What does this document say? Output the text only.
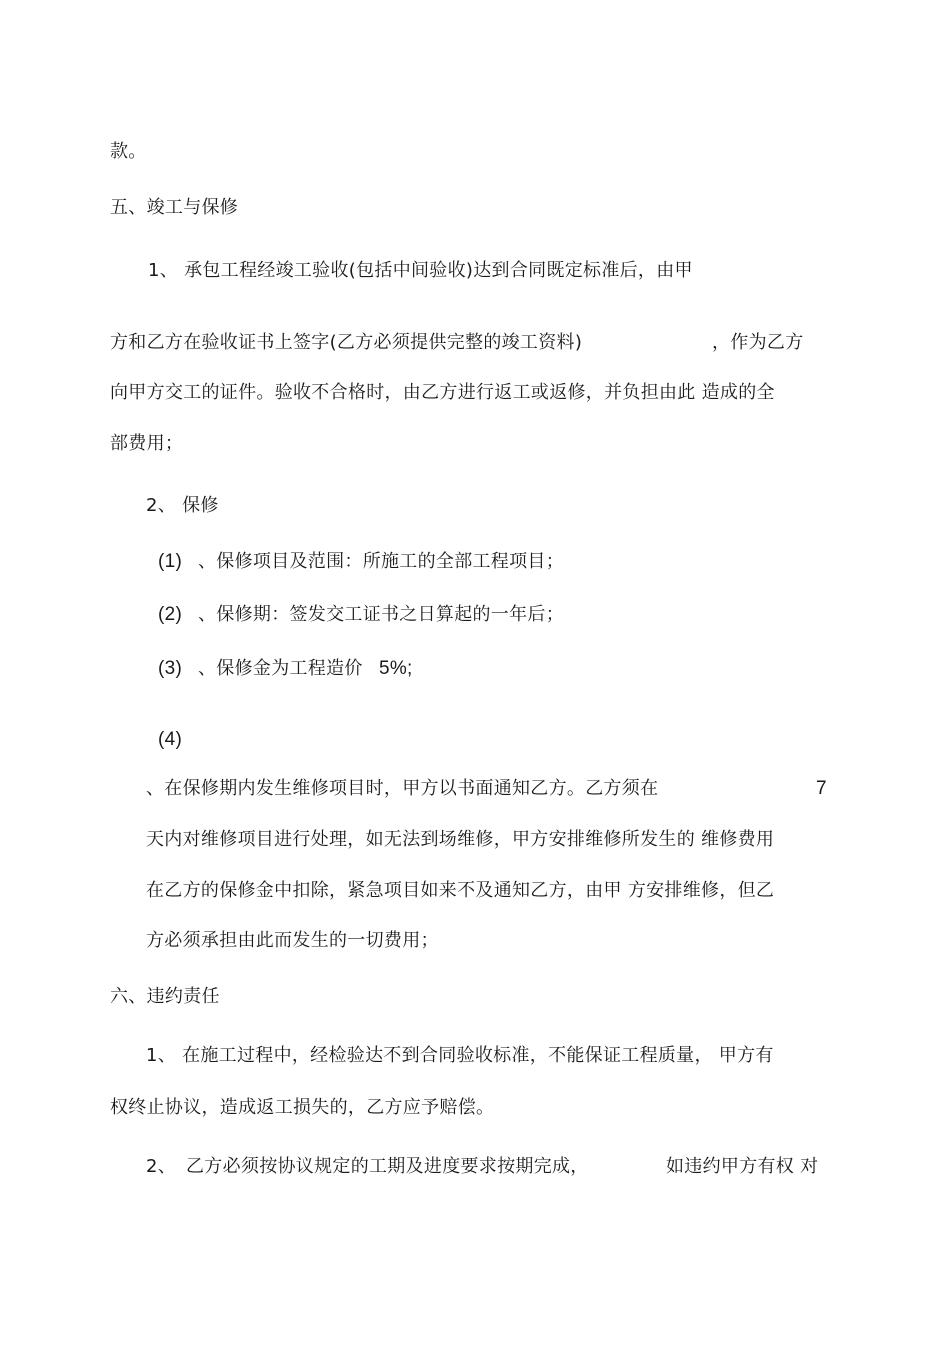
款。
五、竣工与保修
1、 承包工程经竣工验收(包括中间验收)达到合同既定标准后，由甲
方和乙方在验收证书上签字(乙方必须提供完整的竣工资料)	，作为乙方
向甲方交工的证件。验收不合格时，由乙方进行返工或返修，并负担由此 造成的全
部费用；
2、 保修
(1) 、保修项目及范围：所施工的全部工程项目；
(2) 、保修期：签发交工证书之日算起的一年后；
(3) 、保修金为工程造价 5%;
(4)
、在保修期内发生维修项目时，甲方以书面通知乙方。乙方须在	7
天内对维修项目进行处理，如无法到场维修，甲方安排维修所发生的 维修费用
在乙方的保修金中扣除，紧急项目如来不及通知乙方，由甲 方安排维修，但乙
方必须承担由此而发生的一切费用；
六、违约责任
1、 在施工过程中，经检验达不到合同验收标准，不能保证工程质量， 甲方有
权终止协议，造成返工损失的，乙方应予赔偿。
2、 乙方必须按协议规定的工期及进度要求按期完成，	如违约甲方有权 对
